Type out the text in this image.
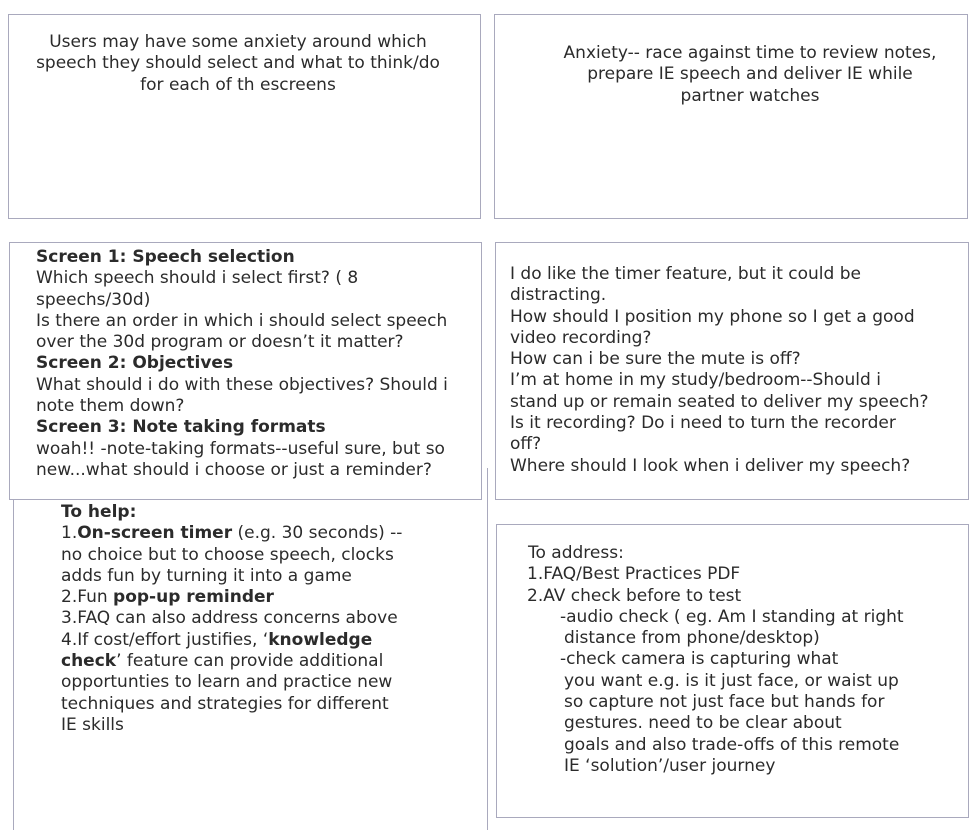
Users may have some anxiety around which speech they should select and what to think/do for each of th escreens
Anxiety-- race against time to review notes, prepare IE speech and deliver IE while partner watches
Screen 1: Speech selection
Which speech should i select first? ( 8
speechs/30d)
Is there an order in which i should select speech
over the 30d program or doesn’t it matter?
Screen 2: Objectives
What should i do with these objectives? Should i
note them down?
Screen 3: Note taking formats
woah!! -note-taking formats--useful sure, but so
new...what should i choose or just a reminder?
I do like the timer feature, but it could be
distracting.
How should I position my phone so I get a good
video recording?
How can i be sure the mute is off?
I’m at home in my study/bedroom--Should i
stand up or remain seated to deliver my speech?
Is it recording? Do i need to turn the recorder
off?
Where should I look when i deliver my speech?
To help:
1.On-screen timer (e.g. 30 seconds) --
no choice but to choose speech, clocks
adds fun by turning it into a game
2.Fun pop-up reminder
3.FAQ can also address concerns above
4.If cost/effort justifies, ‘knowledge
check’ feature can provide additional
opportunties to learn and practice new
techniques and strategies for different
IE skills
To address:
1.FAQ/Best Practices PDF
2.AV check before to test
-audio check ( eg. Am I standing at right
distance from phone/desktop)
-check camera is capturing what
you want e.g. is it just face, or waist up
so capture not just face but hands for
gestures. need to be clear about
goals and also trade-offs of this remote
IE ‘solution’/user journey
